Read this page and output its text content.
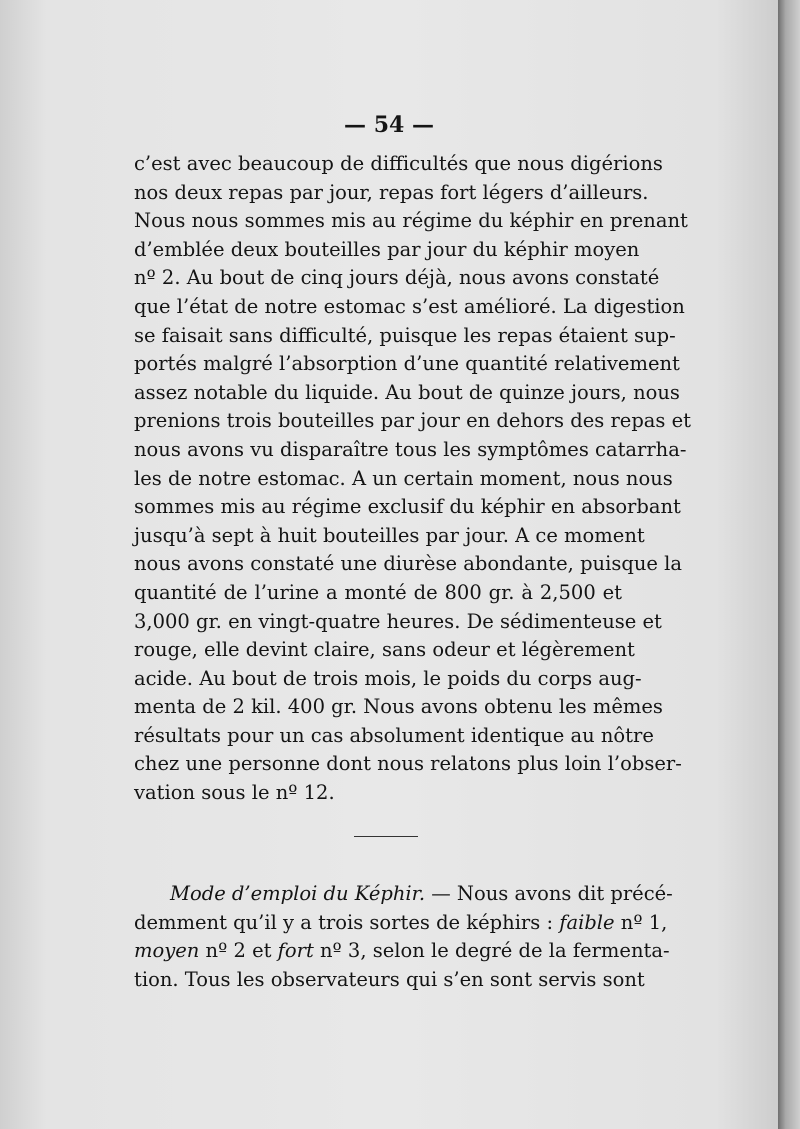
— 54 —
c’est avec beaucoup de difficultés que nous digérions
nos deux repas par jour, repas fort légers d’ailleurs.
Nous nous sommes mis au régime du képhir en prenant
d’emblée deux bouteilles par jour du képhir moyen
nº 2. Au bout de cinq jours déjà, nous avons constaté
que l’état de notre estomac s’est amélioré. La digestion
se faisait sans difficulté, puisque les repas étaient sup-
portés malgré l’absorption d’une quantité relativement
assez notable du liquide. Au bout de quinze jours, nous
prenions trois bouteilles par jour en dehors des repas et
nous avons vu disparaître tous les symptômes catarrha-
les de notre estomac. A un certain moment, nous nous
sommes mis au régime exclusif du képhir en absorbant
jusqu’à sept à huit bouteilles par jour. A ce moment
nous avons constaté une diurèse abondante, puisque la
quantité de l’urine a monté de 800 gr. à 2,500 et
3,000 gr. en vingt-quatre heures. De sédimenteuse et
rouge, elle devint claire, sans odeur et légèrement
acide. Au bout de trois mois, le poids du corps aug-
menta de 2 kil. 400 gr. Nous avons obtenu les mêmes
résultats pour un cas absolument identique au nôtre
chez une personne dont nous relatons plus loin l’obser-
vation sous le nº 12.
Mode d’emploi du Képhir. — Nous avons dit précé-
demment qu’il y a trois sortes de képhirs : faible nº 1,
moyen nº 2 et fort nº 3, selon le degré de la fermenta-
tion. Tous les observateurs qui s’en sont servis sont
